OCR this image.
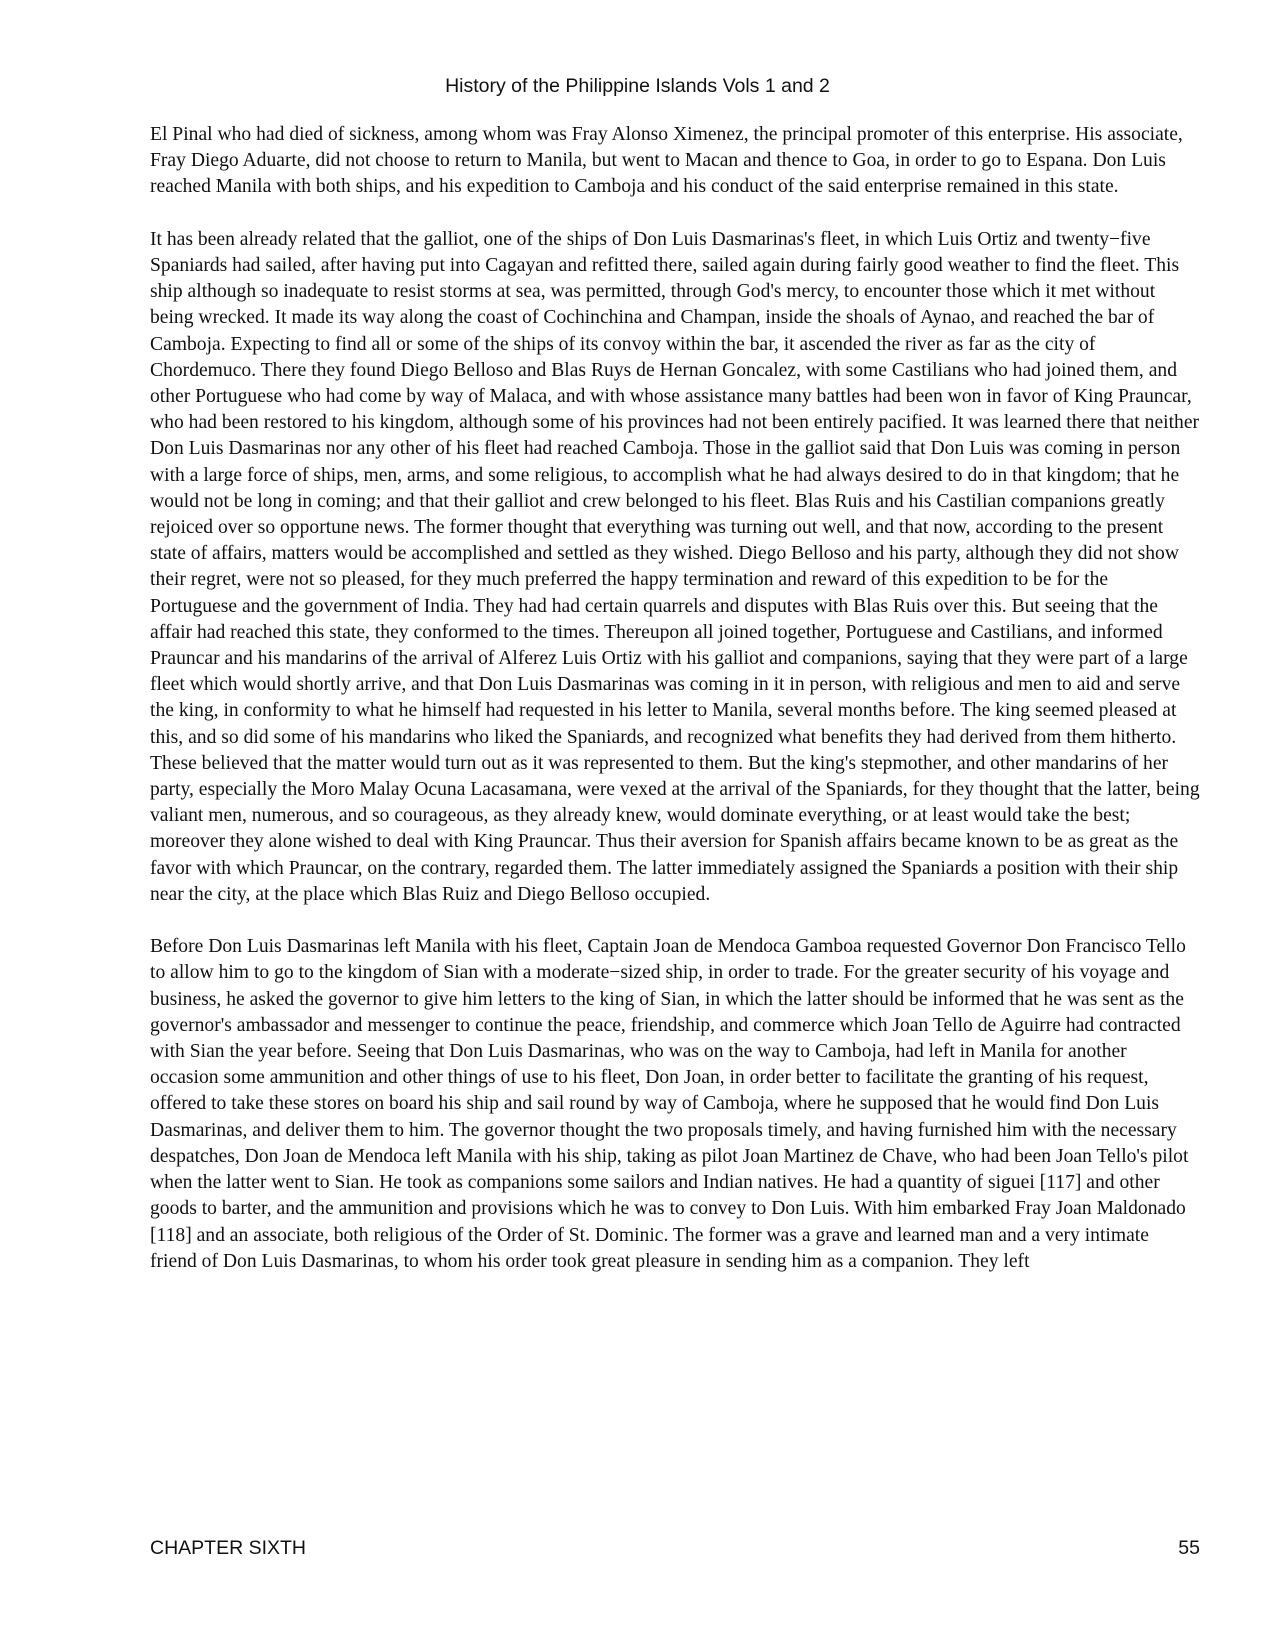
History of the Philippine Islands Vols 1 and 2

El Pinal who had died of sickness, among whom was Fray Alonso Ximenez, the principal promoter of this enterprise. His associate, Fray Diego Aduarte, did not choose to return to Manila, but went to Macan and thence to Goa, in order to go to Espana. Don Luis reached Manila with both ships, and his expedition to Camboja and his conduct of the said enterprise remained in this state.

It has been already related that the galliot, one of the ships of Don Luis Dasmarinas's fleet, in which Luis Ortiz and twenty−five Spaniards had sailed, after having put into Cagayan and refitted there, sailed again during fairly good weather to find the fleet. This ship although so inadequate to resist storms at sea, was permitted, through God's mercy, to encounter those which it met without being wrecked. It made its way along the coast of Cochinchina and Champan, inside the shoals of Aynao, and reached the bar of Camboja. Expecting to find all or some of the ships of its convoy within the bar, it ascended the river as far as the city of Chordemuco. There they found Diego Belloso and Blas Ruys de Hernan Goncalez, with some Castilians who had joined them, and other Portuguese who had come by way of Malaca, and with whose assistance many battles had been won in favor of King Prauncar, who had been restored to his kingdom, although some of his provinces had not been entirely pacified. It was learned there that neither Don Luis Dasmarinas nor any other of his fleet had reached Camboja. Those in the galliot said that Don Luis was coming in person with a large force of ships, men, arms, and some religious, to accomplish what he had always desired to do in that kingdom; that he would not be long in coming; and that their galliot and crew belonged to his fleet. Blas Ruis and his Castilian companions greatly rejoiced over so opportune news. The former thought that everything was turning out well, and that now, according to the present state of affairs, matters would be accomplished and settled as they wished. Diego Belloso and his party, although they did not show their regret, were not so pleased, for they much preferred the happy termination and reward of this expedition to be for the Portuguese and the government of India. They had had certain quarrels and disputes with Blas Ruis over this. But seeing that the affair had reached this state, they conformed to the times. Thereupon all joined together, Portuguese and Castilians, and informed Prauncar and his mandarins of the arrival of Alferez Luis Ortiz with his galliot and companions, saying that they were part of a large fleet which would shortly arrive, and that Don Luis Dasmarinas was coming in it in person, with religious and men to aid and serve the king, in conformity to what he himself had requested in his letter to Manila, several months before. The king seemed pleased at this, and so did some of his mandarins who liked the Spaniards, and recognized what benefits they had derived from them hitherto. These believed that the matter would turn out as it was represented to them. But the king's stepmother, and other mandarins of her party, especially the Moro Malay Ocuna Lacasamana, were vexed at the arrival of the Spaniards, for they thought that the latter, being valiant men, numerous, and so courageous, as they already knew, would dominate everything, or at least would take the best; moreover they alone wished to deal with King Prauncar. Thus their aversion for Spanish affairs became known to be as great as the favor with which Prauncar, on the contrary, regarded them. The latter immediately assigned the Spaniards a position with their ship near the city, at the place which Blas Ruiz and Diego Belloso occupied.

Before Don Luis Dasmarinas left Manila with his fleet, Captain Joan de Mendoca Gamboa requested Governor Don Francisco Tello to allow him to go to the kingdom of Sian with a moderate−sized ship, in order to trade. For the greater security of his voyage and business, he asked the governor to give him letters to the king of Sian, in which the latter should be informed that he was sent as the governor's ambassador and messenger to continue the peace, friendship, and commerce which Joan Tello de Aguirre had contracted with Sian the year before. Seeing that Don Luis Dasmarinas, who was on the way to Camboja, had left in Manila for another occasion some ammunition and other things of use to his fleet, Don Joan, in order better to facilitate the granting of his request, offered to take these stores on board his ship and sail round by way of Camboja, where he supposed that he would find Don Luis Dasmarinas, and deliver them to him. The governor thought the two proposals timely, and having furnished him with the necessary despatches, Don Joan de Mendoca left Manila with his ship, taking as pilot Joan Martinez de Chave, who had been Joan Tello's pilot when the latter went to Sian. He took as companions some sailors and Indian natives. He had a quantity of siguei [117] and other goods to barter, and the ammunition and provisions which he was to convey to Don Luis. With him embarked Fray Joan Maldonado [118] and an associate, both religious of the Order of St. Dominic. The former was a grave and learned man and a very intimate friend of Don Luis Dasmarinas, to whom his order took great pleasure in sending him as a companion. They left

CHAPTER SIXTH	55
